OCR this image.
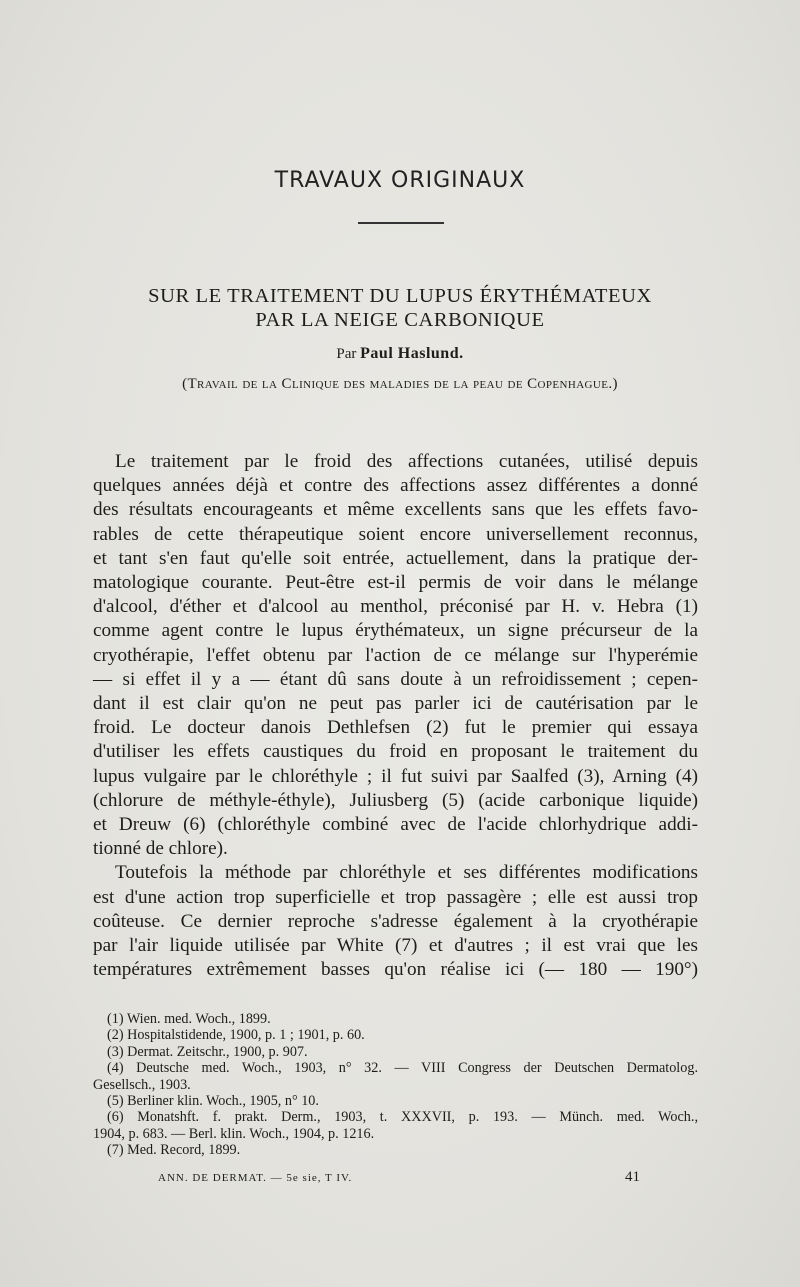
TRAVAUX ORIGINAUX
SUR LE TRAITEMENT DU LUPUS ÉRYTHÉMATEUX
PAR LA NEIGE CARBONIQUE
Par Paul Haslund.
(Travail de la Clinique des maladies de la peau de Copenhague.)
Le traitement par le froid des affections cutanées, utilisé depuis
quelques années déjà et contre des affections assez différentes a donné
des résultats encourageants et même excellents sans que les effets favo-
rables de cette thérapeutique soient encore universellement reconnus,
et tant s'en faut qu'elle soit entrée, actuellement, dans la pratique der-
matologique courante. Peut-être est-il permis de voir dans le mélange
d'alcool, d'éther et d'alcool au menthol, préconisé par H. v. Hebra (1)
comme agent contre le lupus érythémateux, un signe précurseur de la
cryothérapie, l'effet obtenu par l'action de ce mélange sur l'hyperémie
— si effet il y a — étant dû sans doute à un refroidissement ; cepen-
dant il est clair qu'on ne peut pas parler ici de cautérisation par le
froid. Le docteur danois Dethlefsen (2) fut le premier qui essaya
d'utiliser les effets caustiques du froid en proposant le traitement du
lupus vulgaire par le chloréthyle ; il fut suivi par Saalfed (3), Arning (4)
(chlorure de méthyle-éthyle), Juliusberg (5) (acide carbonique liquide)
et Dreuw (6) (chloréthyle combiné avec de l'acide chlorhydrique addi-
tionné de chlore).
Toutefois la méthode par chloréthyle et ses différentes modifications
est d'une action trop superficielle et trop passagère ; elle est aussi trop
coûteuse. Ce dernier reproche s'adresse également à la cryothérapie
par l'air liquide utilisée par White (7) et d'autres ; il est vrai que les
températures extrêmement basses qu'on réalise ici (— 180 — 190°)
(1) Wien. med. Woch., 1899.
(2) Hospitalstidende, 1900, p. 1 ; 1901, p. 60.
(3) Dermat. Zeitschr., 1900, p. 907.
(4) Deutsche med. Woch., 1903, n° 32. — VIII Congress der Deutschen Dermatolog.
Gesellsch., 1903.
(5) Berliner klin. Woch., 1905, n° 10.
(6) Monatshft. f. prakt. Derm., 1903, t. XXXVII, p. 193. — Münch. med. Woch.,
1904, p. 683. — Berl. klin. Woch., 1904, p. 1216.
(7) Med. Record, 1899.
ANN. DE DERMAT. — 5e sie, T IV.	41
